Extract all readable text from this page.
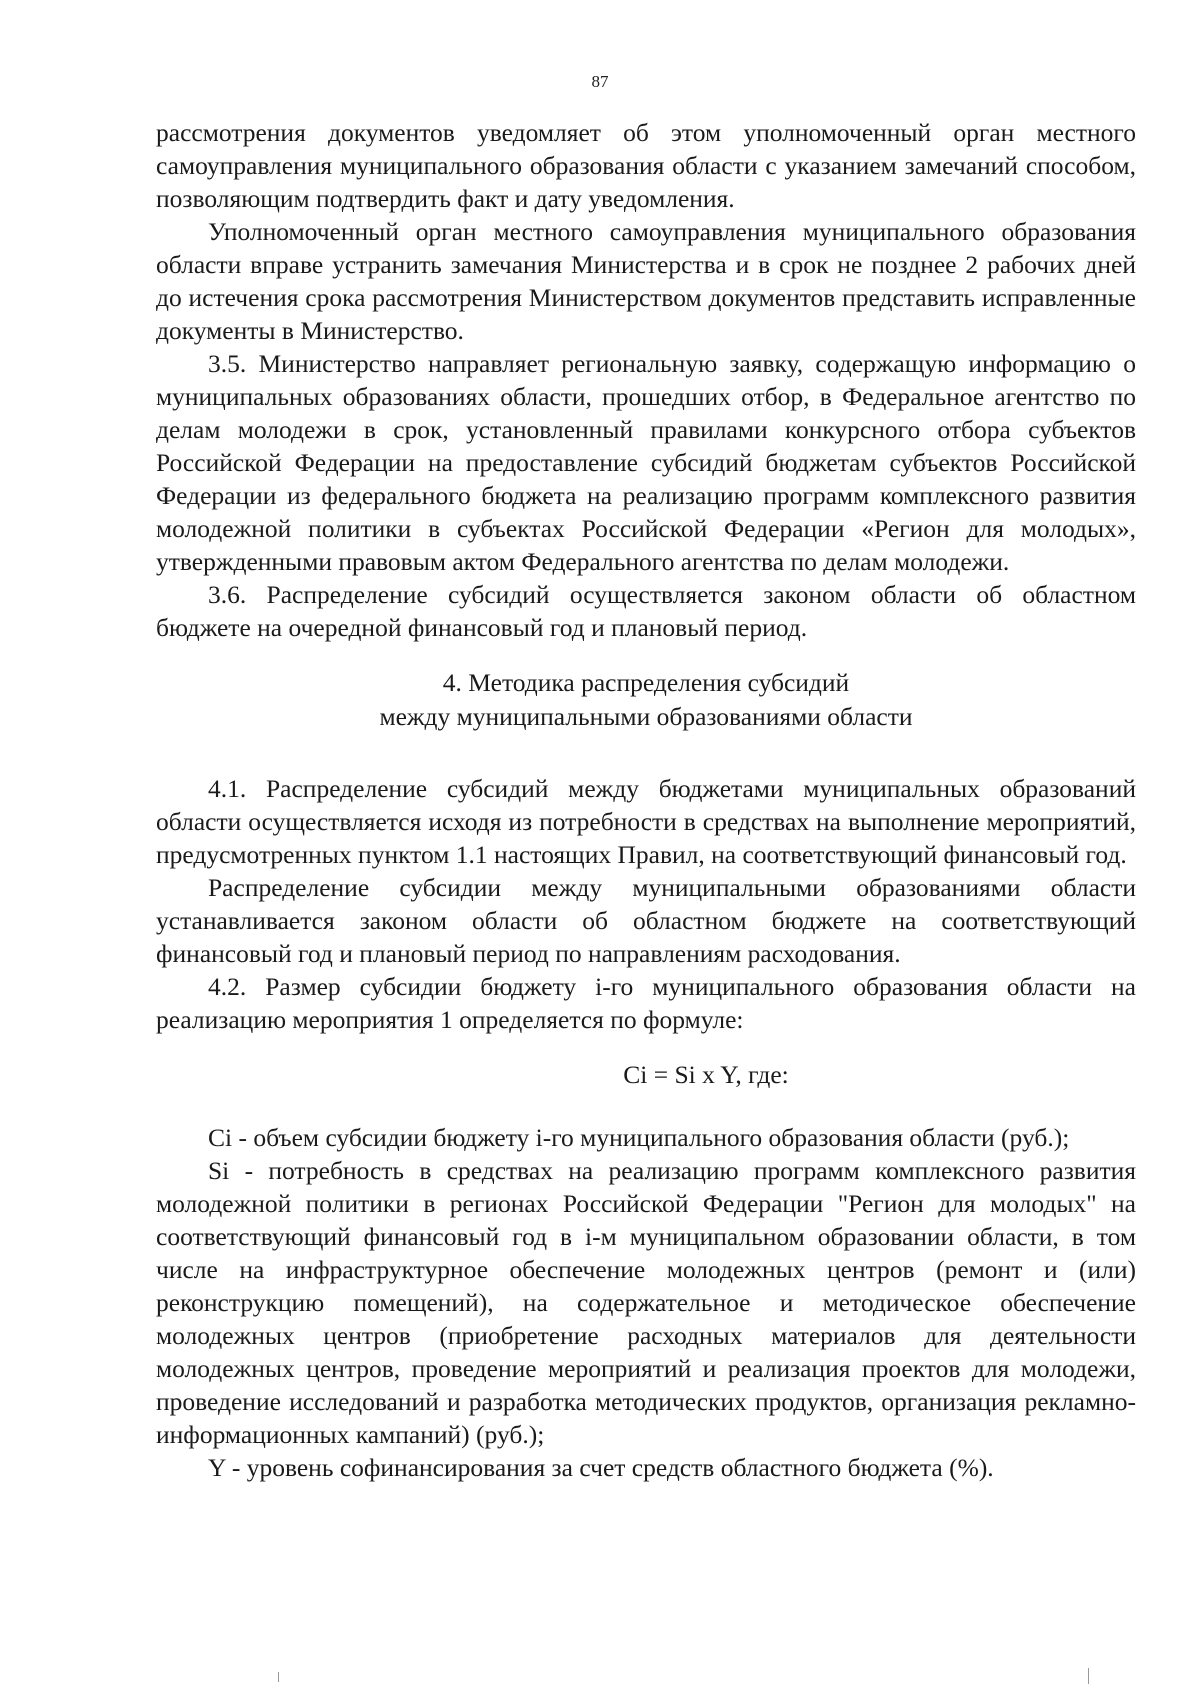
87

рассмотрения документов уведомляет об этом уполномоченный орган местного самоуправления муниципального образования области с указанием замечаний способом, позволяющим подтвердить факт и дату уведомления.

Уполномоченный орган местного самоуправления муниципального образования области вправе устранить замечания Министерства и в срок не позднее 2 рабочих дней до истечения срока рассмотрения Министерством документов представить исправленные документы в Министерство.

3.5. Министерство направляет региональную заявку, содержащую информацию о муниципальных образованиях области, прошедших отбор, в Федеральное агентство по делам молодежи в срок, установленный правилами конкурсного отбора субъектов Российской Федерации на предоставление субсидий бюджетам субъектов Российской Федерации из федерального бюджета на реализацию программ комплексного развития молодежной политики в субъектах Российской Федерации «Регион для молодых», утвержденными правовым актом Федерального агентства по делам молодежи.

3.6. Распределение субсидий осуществляется законом области об областном бюджете на очередной финансовый год и плановый период.

4. Методика распределения субсидий
между муниципальными образованиями области

4.1. Распределение субсидий между бюджетами муниципальных образований области осуществляется исходя из потребности в средствах на выполнение мероприятий, предусмотренных пунктом 1.1 настоящих Правил, на соответствующий финансовый год.

Распределение субсидии между муниципальными образованиями области устанавливается законом области об областном бюджете на соответствующий финансовый год и плановый период по направлениям расходования.

4.2. Размер субсидии бюджету i-го муниципального образования области на реализацию мероприятия 1 определяется по формуле:

Ci = Si x Y, где:

Ci - объем субсидии бюджету i-го муниципального образования области (руб.);

Si - потребность в средствах на реализацию программ комплексного развития молодежной политики в регионах Российской Федерации "Регион для молодых" на соответствующий финансовый год в i-м муниципальном образовании области, в том числе на инфраструктурное обеспечение молодежных центров (ремонт и (или) реконструкцию помещений), на содержательное и методическое обеспечение молодежных центров (приобретение расходных материалов для деятельности молодежных центров, проведение мероприятий и реализация проектов для молодежи, проведение исследований и разработка методических продуктов, организация рекламно-информационных кампаний) (руб.);

Y - уровень софинансирования за счет средств областного бюджета (%).
